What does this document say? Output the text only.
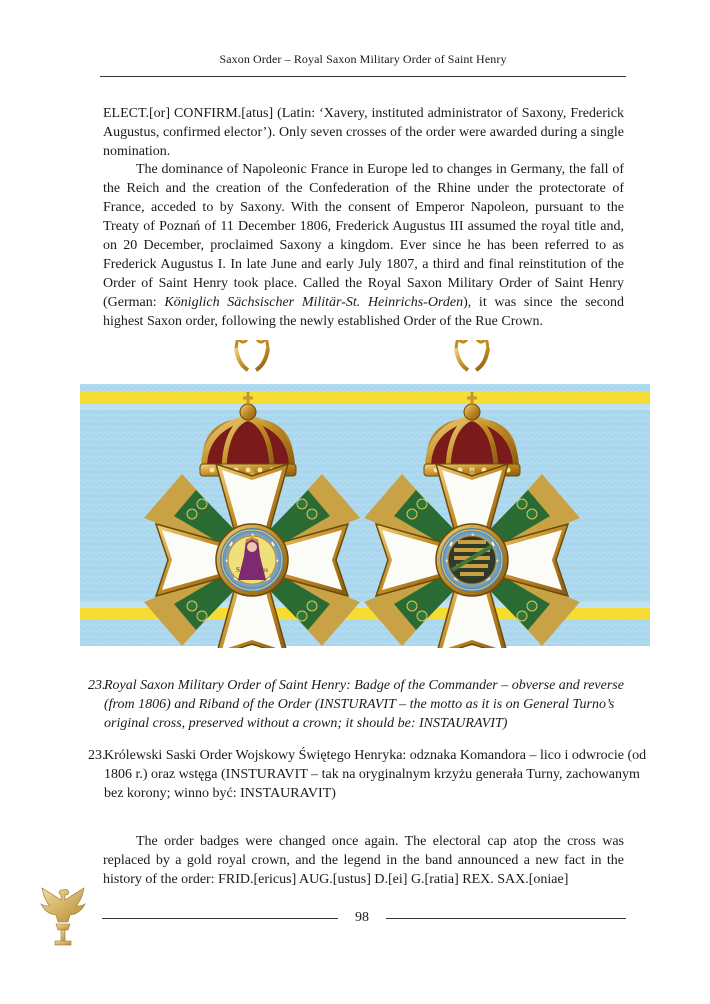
Saxon Order – Royal Saxon Military Order of Saint Henry

ELECT.[or] CONFIRM.[atus] (Latin: ‘Xavery, instituted administrator of Saxony, Frederick Augustus, confirmed elector’). Only seven crosses of the order were awarded during a single nomination.

The dominance of Napoleonic France in Europe led to changes in Germany, the fall of the Reich and the creation of the Confederation of the Rhine under the protectorate of France, acceded to by Saxony. With the consent of Emperor Napoleon, pursuant to the Treaty of Poznań of 11 December 1806, Frederick Augustus III assumed the royal title and, on 20 December, proclaimed Saxony a kingdom. Ever since he has been referred to as Frederick Augustus I. In late June and early July 1807, a third and final reinstitution of the Order of Saint Henry took place. Called the Royal Saxon Military Order of Saint Henry (German: Königlich Sächsischer Militär-St. Heinrichs-Orden), it was since the second highest Saxon order, following the newly established Order of the Rue Crown.

S	1736
23.
Royal Saxon Military Order of Saint Henry: Badge of the Commander – obverse and reverse (from 1806) and Riband of the Order (INSTURAVIT – the motto as it is on General Turno’s original cross, preserved without a crown; it should be: INSTAURAVIT)
23.
Królewski Saski Order Wojskowy Świętego Henryka: odznaka Komandora – lico i odwrocie (od 1806 r.) oraz wstęga (INSTURAVIT – tak na oryginalnym krzyżu generała Turny, zachowanym bez korony; winno być: INSTAURAVIT)

The order badges were changed once again. The electoral cap atop the cross was replaced by a gold royal crown, and the legend in the band announced a new fact in the history of the order: FRID.[ericus] AUG.[ustus] D.[ei] G.[ratia] REX. SAX.[oniae]

98
